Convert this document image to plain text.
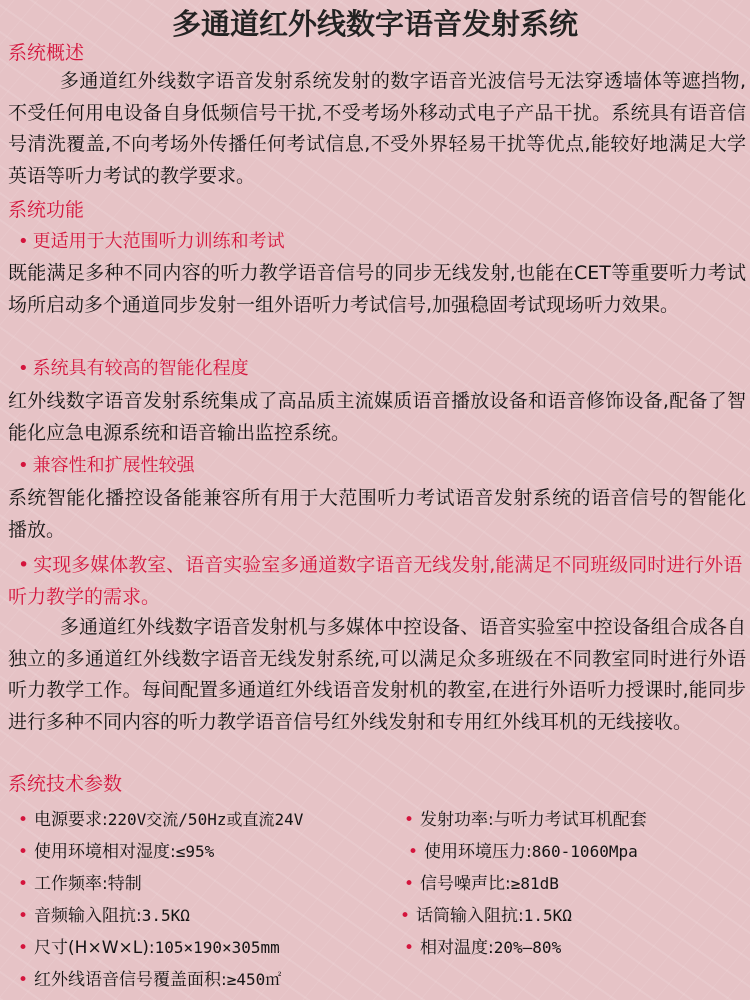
多通道红外线数字语音发射系统
系统概述
多通道红外线数字语音发射系统发射的数字语音光波信号无法穿透墙体等遮挡物,不受任何用电设备自身低频信号干扰,不受考场外移动式电子产品干扰。系统具有语音信号清洗覆盖,不向考场外传播任何考试信息,不受外界轻易干扰等优点,能较好地满足大学英语等听力考试的教学要求。
系统功能
• 更适用于大范围听力训练和考试
既能满足多种不同内容的听力教学语音信号的同步无线发射,也能在CET等重要听力考试场所启动多个通道同步发射一组外语听力考试信号,加强稳固考试现场听力效果。
• 系统具有较高的智能化程度
红外线数字语音发射系统集成了高品质主流媒质语音播放设备和语音修饰设备,配备了智能化应急电源系统和语音输出监控系统。
• 兼容性和扩展性较强
系统智能化播控设备能兼容所有用于大范围听力考试语音发射系统的语音信号的智能化播放。
• 实现多媒体教室、语音实验室多通道数字语音无线发射,能满足不同班级同时进行外语听力教学的需求。
多通道红外线数字语音发射机与多媒体中控设备、语音实验室中控设备组合成各自独立的多通道红外线数字语音无线发射系统,可以满足众多班级在不同教室同时进行外语听力教学工作。每间配置多通道红外线语音发射机的教室,在进行外语听力授课时,能同步进行多种不同内容的听力教学语音信号红外线发射和专用红外线耳机的无线接收。
系统技术参数
• 电源要求:220V交流/50Hz或直流24V	• 发射功率:与听力考试耳机配套
• 使用环境相对湿度:≤95%	• 使用环境压力:860-1060Mpa
• 工作频率:特制	• 信号噪声比:≥81dB
• 音频输入阻抗:3.5KΩ	• 话筒输入阻抗:1.5KΩ
• 尺寸(H×W×L):105×190×305mm	• 相对温度:20%—80%
• 红外线语音信号覆盖面积:≥450㎡
